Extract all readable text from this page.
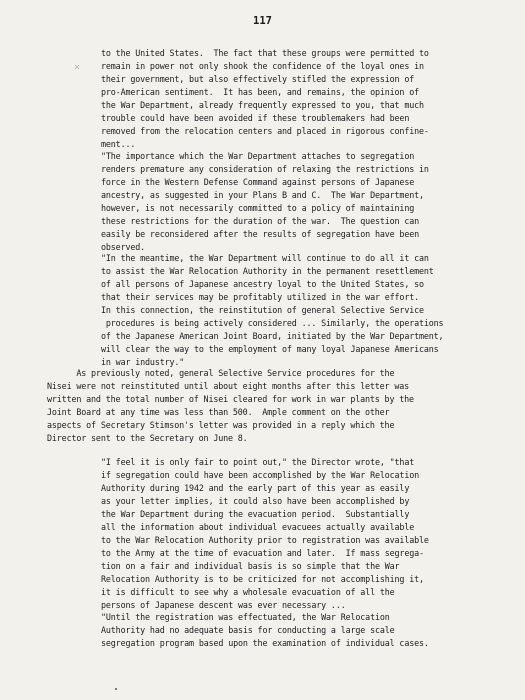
117
×
to the United States.  The fact that these groups were permitted to
remain in power not only shook the confidence of the loyal ones in
their government, but also effectively stifled the expression of
pro-American sentiment.  It has been, and remains, the opinion of
the War Department, already frequently expressed to you, that much
trouble could have been avoided if these troublemakers had been
removed from the relocation centers and placed in rigorous confine-
ment...
"The importance which the War Department attaches to segregation
renders premature any consideration of relaxing the restrictions in
force in the Western Defense Command against persons of Japanese
ancestry, as suggested in your Plans B and C.  The War Department,
however, is not necessarily committed to a policy of maintaining
these restrictions for the duration of the war.  The question can
easily be reconsidered after the results of segregation have been
observed.
"In the meantime, the War Department will continue to do all it can
to assist the War Relocation Authority in the permanent resettlement
of all persons of Japanese ancestry loyal to the United States, so
that their services may be profitably utilized in the war effort.
In this connection, the reinstitution of general Selective Service
procedures is being actively considered ... Similarly, the operations
of the Japanese American Joint Board, initiated by the War Department,
will clear the way to the employment of many loyal Japanese Americans
in war industry."
As previously noted, general Selective Service procedures for the
Nisei were not reinstituted until about eight months after this letter was
written and the total number of Nisei cleared for work in war plants by the
Joint Board at any time was less than 500.  Ample comment on the other
aspects of Secretary Stimson's letter was provided in a reply which the
Director sent to the Secretary on June 8.
"I feel it is only fair to point out," the Director wrote, "that
if segregation could have been accomplished by the War Relocation
Authority during 1942 and the early part of this year as easily
as your letter implies, it could also have been accomplished by
the War Department during the evacuation period.  Substantially
all the information about individual evacuees actually available
to the War Relocation Authority prior to registration was available
to the Army at the time of evacuation and later.  If mass segrega-
tion on a fair and individual basis is so simple that the War
Relocation Authority is to be criticized for not accomplishing it,
it is difficult to see why a wholesale evacuation of all the
persons of Japanese descent was ever necessary ...
"Until the registration was effectuated, the War Relocation
Authority had no adequate basis for conducting a large scale
segregation program based upon the examination of individual cases.
